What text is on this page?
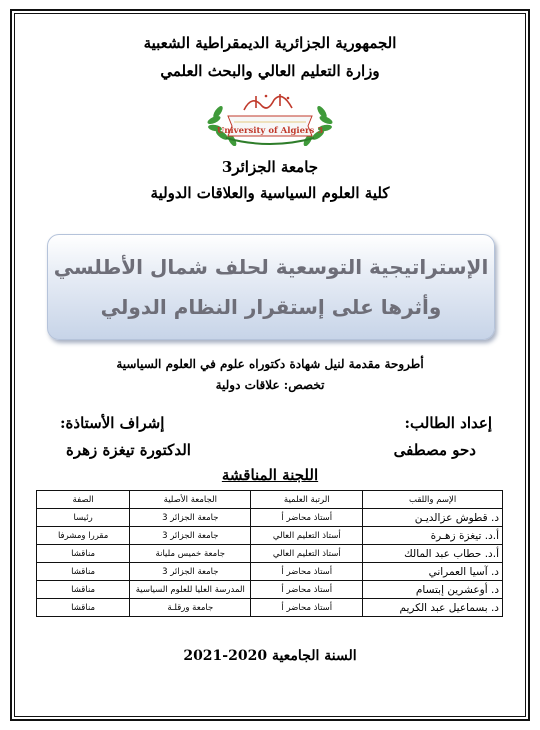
الجمهورية الجزائرية الديمقراطية الشعبية
وزارة التعليم العالي والبحث العلمي
University of Algiers 3
جامعة الجزائر3
كلية العلوم السياسية والعلاقات الدولية
الإستراتيجية التوسعية لحلف شمال الأطلسي
وأثرها على إستقرار النظام الدولي
أطروحة مقدمة لنيل شهادة دكتوراه علوم في العلوم السياسية
تخصص: علاقات دولية
إعداد الطالب:
إشراف الأستاذة:
دحو مصطفى
الدكتورة تيغزة زهرة
اللجنة المناقشة
الإسم واللقب	الرتبة العلمية	الجامعة الأصلية	الصفة
د. قطوش عزالديـن	أستاذ محاضر أ	جامعة الجزائر 3	رئيسا
أ.د. تيغزة زهـرة	أستاذ التعليم العالي	جامعة الجزائر 3	مقررا ومشرفا
أ.د. حطاب عبد المالك	أستاذ التعليم العالي	جامعة خميس مليانة	مناقشا
د. آسيا العمراني	أستاذ محاضر أ	جامعة الجزائر 3	مناقشا
د. أوعشرين إبتسام	أستاذ محاضر أ	المدرسة العليا للعلوم السياسية	مناقشا
د. بسماعيل عبد الكريم	أستاذ محاضر أ	جامعة ورقلـة	مناقشا
السنة الجامعية 2020-2021
